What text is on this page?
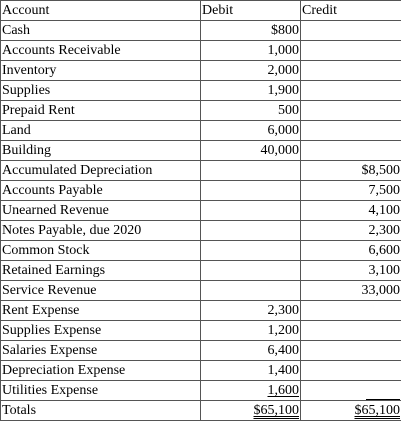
Account	Debit	Credit
Cash	$800	
Accounts Receivable	1,000	
Inventory	2,000	
Supplies	1,900	
Prepaid Rent	500	
Land	6,000	
Building	40,000	
Accumulated Depreciation		$8,500
Accounts Payable		7,500
Unearned Revenue		4,100
Notes Payable, due 2020		2,300
Common Stock		6,600
Retained Earnings		3,100
Service Revenue		33,000
Rent Expense	2,300	
Supplies Expense	1,200	
Salaries Expense	6,400	
Depreciation Expense	1,400	
Utilities Expense	1,600	
Totals	$65,100	$65,100
